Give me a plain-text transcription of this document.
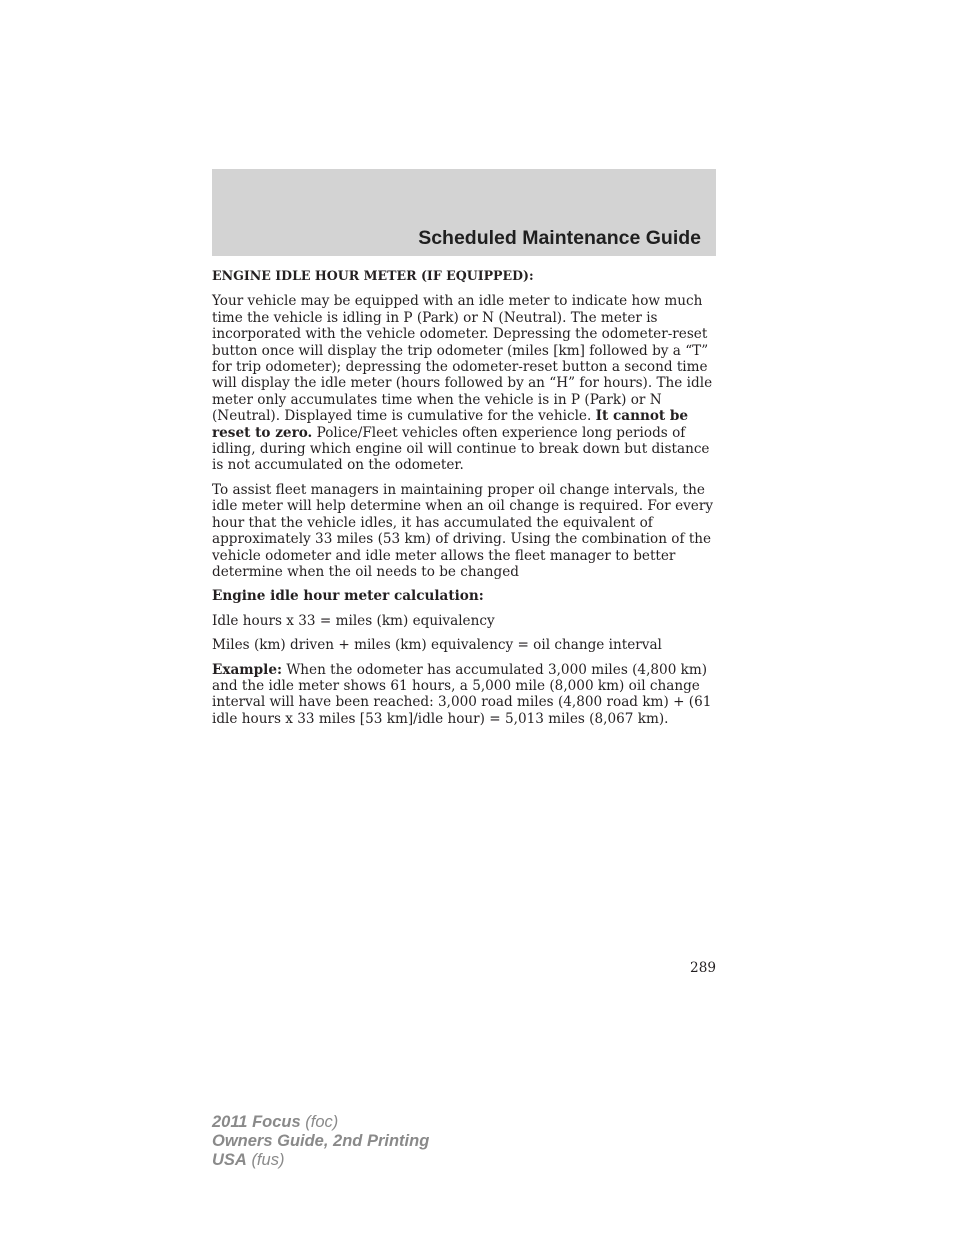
Scheduled Maintenance Guide

ENGINE IDLE HOUR METER (IF EQUIPPED):

Your vehicle may be equipped with an idle meter to indicate how much time the vehicle is idling in P (Park) or N (Neutral). The meter is incorporated with the vehicle odometer. Depressing the odometer-reset button once will display the trip odometer (miles [km] followed by a “T” for trip odometer); depressing the odometer-reset button a second time will display the idle meter (hours followed by an “H” for hours). The idle meter only accumulates time when the vehicle is in P (Park) or N (Neutral). Displayed time is cumulative for the vehicle. It cannot be reset to zero. Police/Fleet vehicles often experience long periods of idling, during which engine oil will continue to break down but distance is not accumulated on the odometer.

To assist fleet managers in maintaining proper oil change intervals, the idle meter will help determine when an oil change is required. For every hour that the vehicle idles, it has accumulated the equivalent of approximately 33 miles (53 km) of driving. Using the combination of the vehicle odometer and idle meter allows the fleet manager to better determine when the oil needs to be changed

Engine idle hour meter calculation:

Idle hours x 33 = miles (km) equivalency

Miles (km) driven + miles (km) equivalency = oil change interval

Example: When the odometer has accumulated 3,000 miles (4,800 km) and the idle meter shows 61 hours, a 5,000 mile (8,000 km) oil change interval will have been reached: 3,000 road miles (4,800 road km) + (61 idle hours x 33 miles [53 km]/idle hour) = 5,013 miles (8,067 km).

289
2011 Focus (foc)
Owners Guide, 2nd Printing
USA (fus)
